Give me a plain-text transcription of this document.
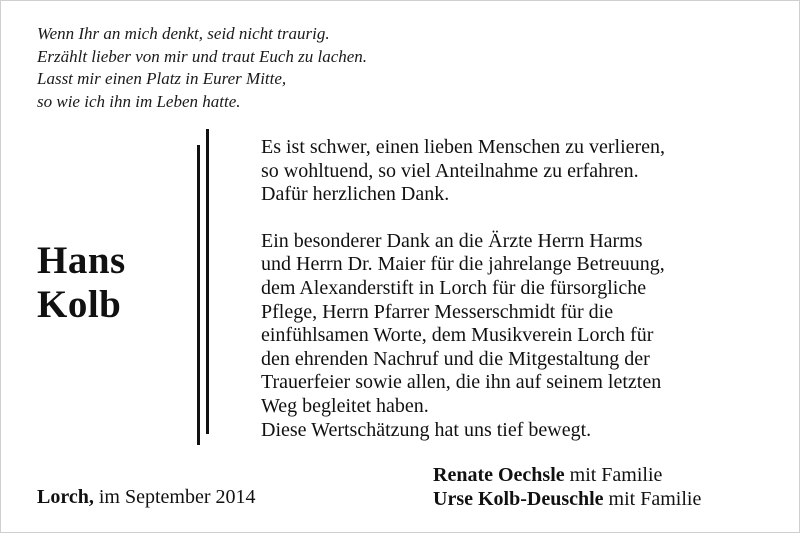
Wenn Ihr an mich denkt, seid nicht traurig.
Erzählt lieber von mir und traut Euch zu lachen.
Lasst mir einen Platz in Eurer Mitte,
so wie ich ihn im Leben hatte.
Hans
Kolb
Es ist schwer, einen lieben Menschen zu verlieren,
so wohltuend, so viel Anteilnahme zu erfahren.
Dafür herzlichen Dank.
Ein besonderer Dank an die Ärzte Herrn Harms
und Herrn Dr. Maier für die jahrelange Betreuung,
dem Alexanderstift in Lorch für die fürsorgliche
Pflege, Herrn Pfarrer Messerschmidt für die
einfühlsamen Worte, dem Musikverein Lorch für
den ehrenden Nachruf und die Mitgestaltung der
Trauerfeier sowie allen, die ihn auf seinem letzten
Weg begleitet haben.
Diese Wertschätzung hat uns tief bewegt.
Lorch, im September 2014
Renate Oechsle mit Familie
Urse Kolb-Deuschle mit Familie
